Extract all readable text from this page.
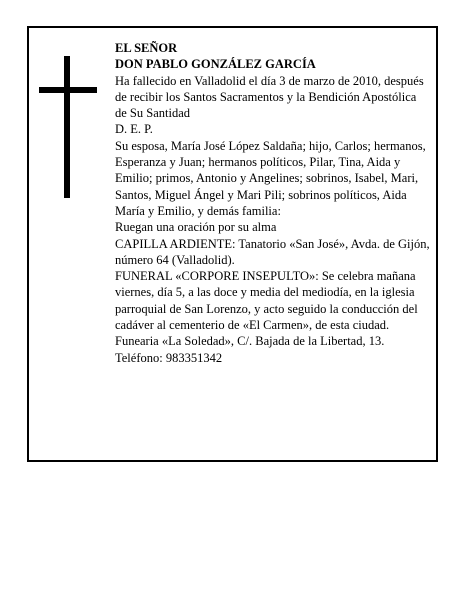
EL SEÑOR

DON PABLO GONZÁLEZ GARCÍA

Ha fallecido en Valladolid el día 3 de marzo de 2010, después de recibir los Santos Sacramentos y la Bendición Apostólica de Su Santidad

D. E. P.

Su esposa, María José López Saldaña; hijo, Carlos; hermanos, Esperanza y Juan; hermanos políticos, Pilar, Tina, Aida y Emilio; primos, Antonio y Angelines; sobrinos, Isabel, Mari, Santos, Miguel Ángel y Mari Pili; sobrinos políticos, Aida María y Emilio, y demás familia:

Ruegan una oración por su alma

CAPILLA ARDIENTE: Tanatorio «San José», Avda. de Gijón, número 64 (Valladolid).

FUNERAL «CORPORE INSEPULTO»: Se celebra mañana viernes, día 5, a las doce y media del mediodía, en la iglesia parroquial de San Lorenzo, y acto seguido la conducción del cadáver al cementerio de «El Carmen», de esta ciudad.

Funearia «La Soledad», C/. Bajada de la Libertad, 13. Teléfono: 983351342
